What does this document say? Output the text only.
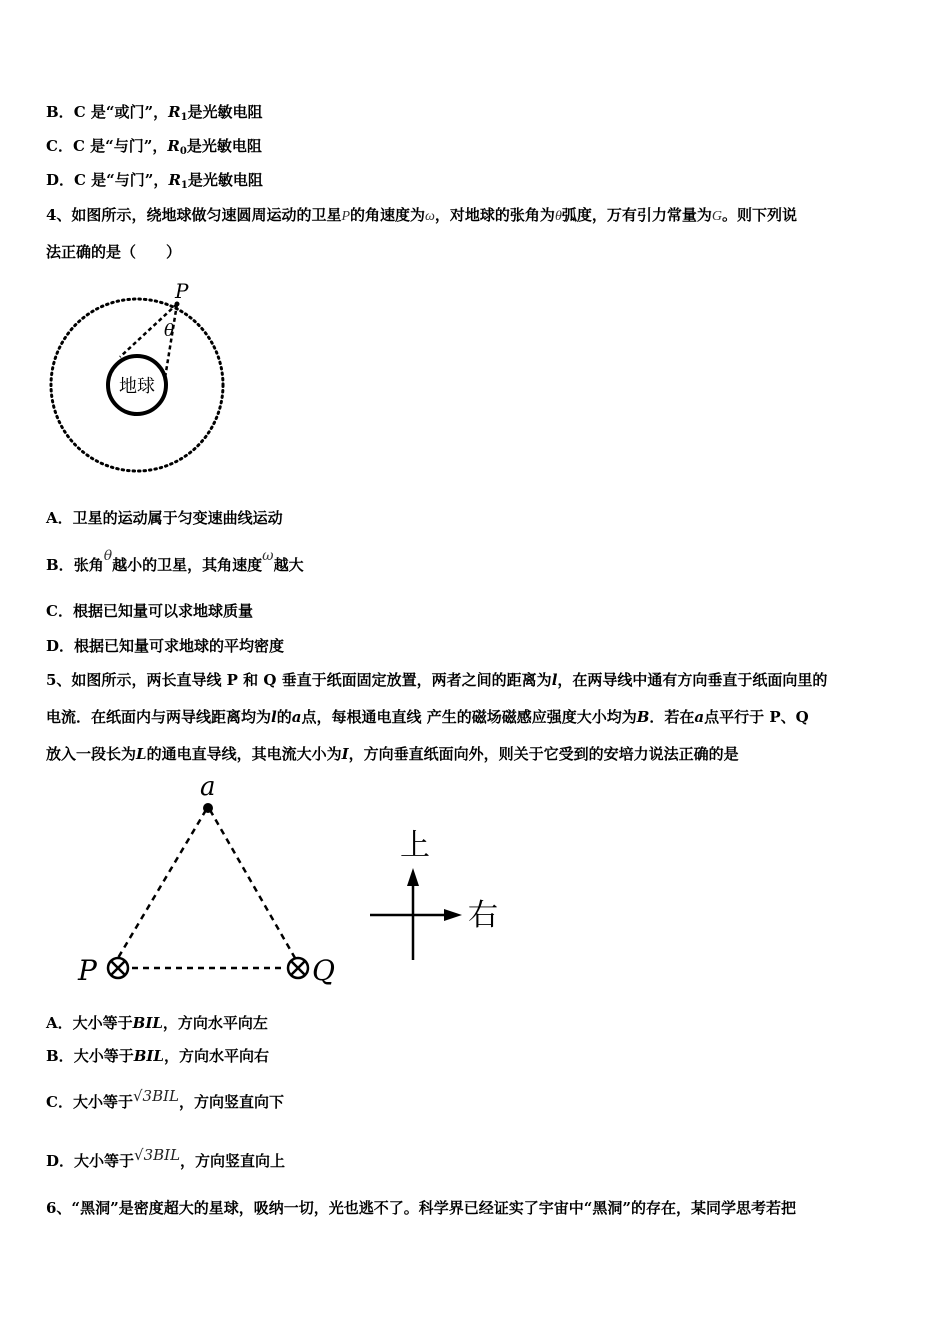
B．C 是“或门”，$R_1$是光敏电阻
C．C 是“与门”，$R_0$是光敏电阻
D．C 是“与门”，$R_1$是光敏电阻
4、如图所示，绕地球做匀速圆周运动的卫星P的角速度为ω，对地球的张角为θ弧度，万有引力常量为G。则下列说
法正确的是（　　）
地球
P
θ
A．卫星的运动属于匀变速曲线运动
B．张角θ越小的卫星，其角速度ω越大
C．根据已知量可以求地球质量
D．根据已知量可求地球的平均密度
5、如图所示，两长直导线 P 和 Q 垂直于纸面固定放置，两者之间的距离为l，在两导线中通有方向垂直于纸面向里的
电流．在纸面内与两导线距离均为l的a点，每根通电直线 产生的磁场磁感应强度大小均为B．若在a点平行于 P、Q
放入一段长为L的通电直导线，其电流大小为I，方向垂直纸面向外，则关于它受到的安培力说法正确的是
a
P	Q
上
右
A．大小等于BIL，方向水平向左
B．大小等于BIL，方向水平向右
C．大小等于√3BIL，方向竖直向下
D．大小等于√3BIL，方向竖直向上
6、“黑洞”是密度超大的星球，吸纳一切，光也逃不了。科学界已经证实了宇宙中“黑洞”的存在，某同学思考若把
